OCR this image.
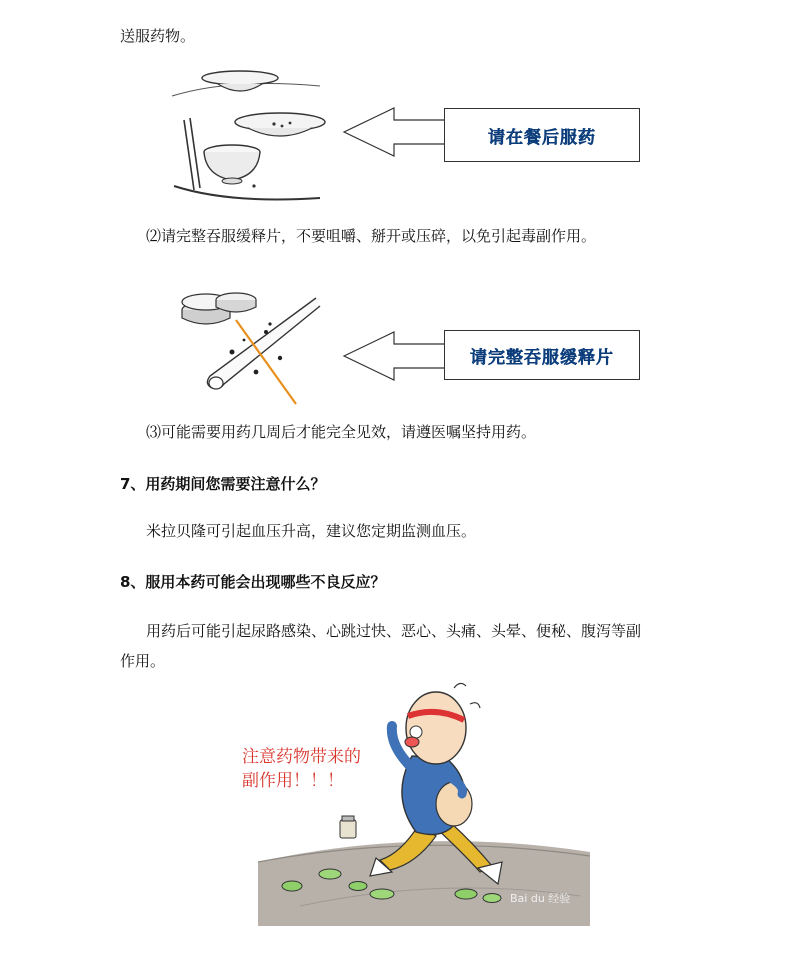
送服药物。
请在餐后服药
⑵请完整吞服缓释片，不要咀嚼、掰开或压碎，以免引起毒副作用。
请完整吞服缓释片
⑶可能需要用药几周后才能完全见效，请遵医嘱坚持用药。
7、用药期间您需要注意什么？
米拉贝隆可引起血压升高，建议您定期监测血压。
8、服用本药可能会出现哪些不良反应？
用药后可能引起尿路感染、心跳过快、恶心、头痛、头晕、便秘、腹泻等副
作用。
Bai du 经验
注意药物带来的
副作用！！！
